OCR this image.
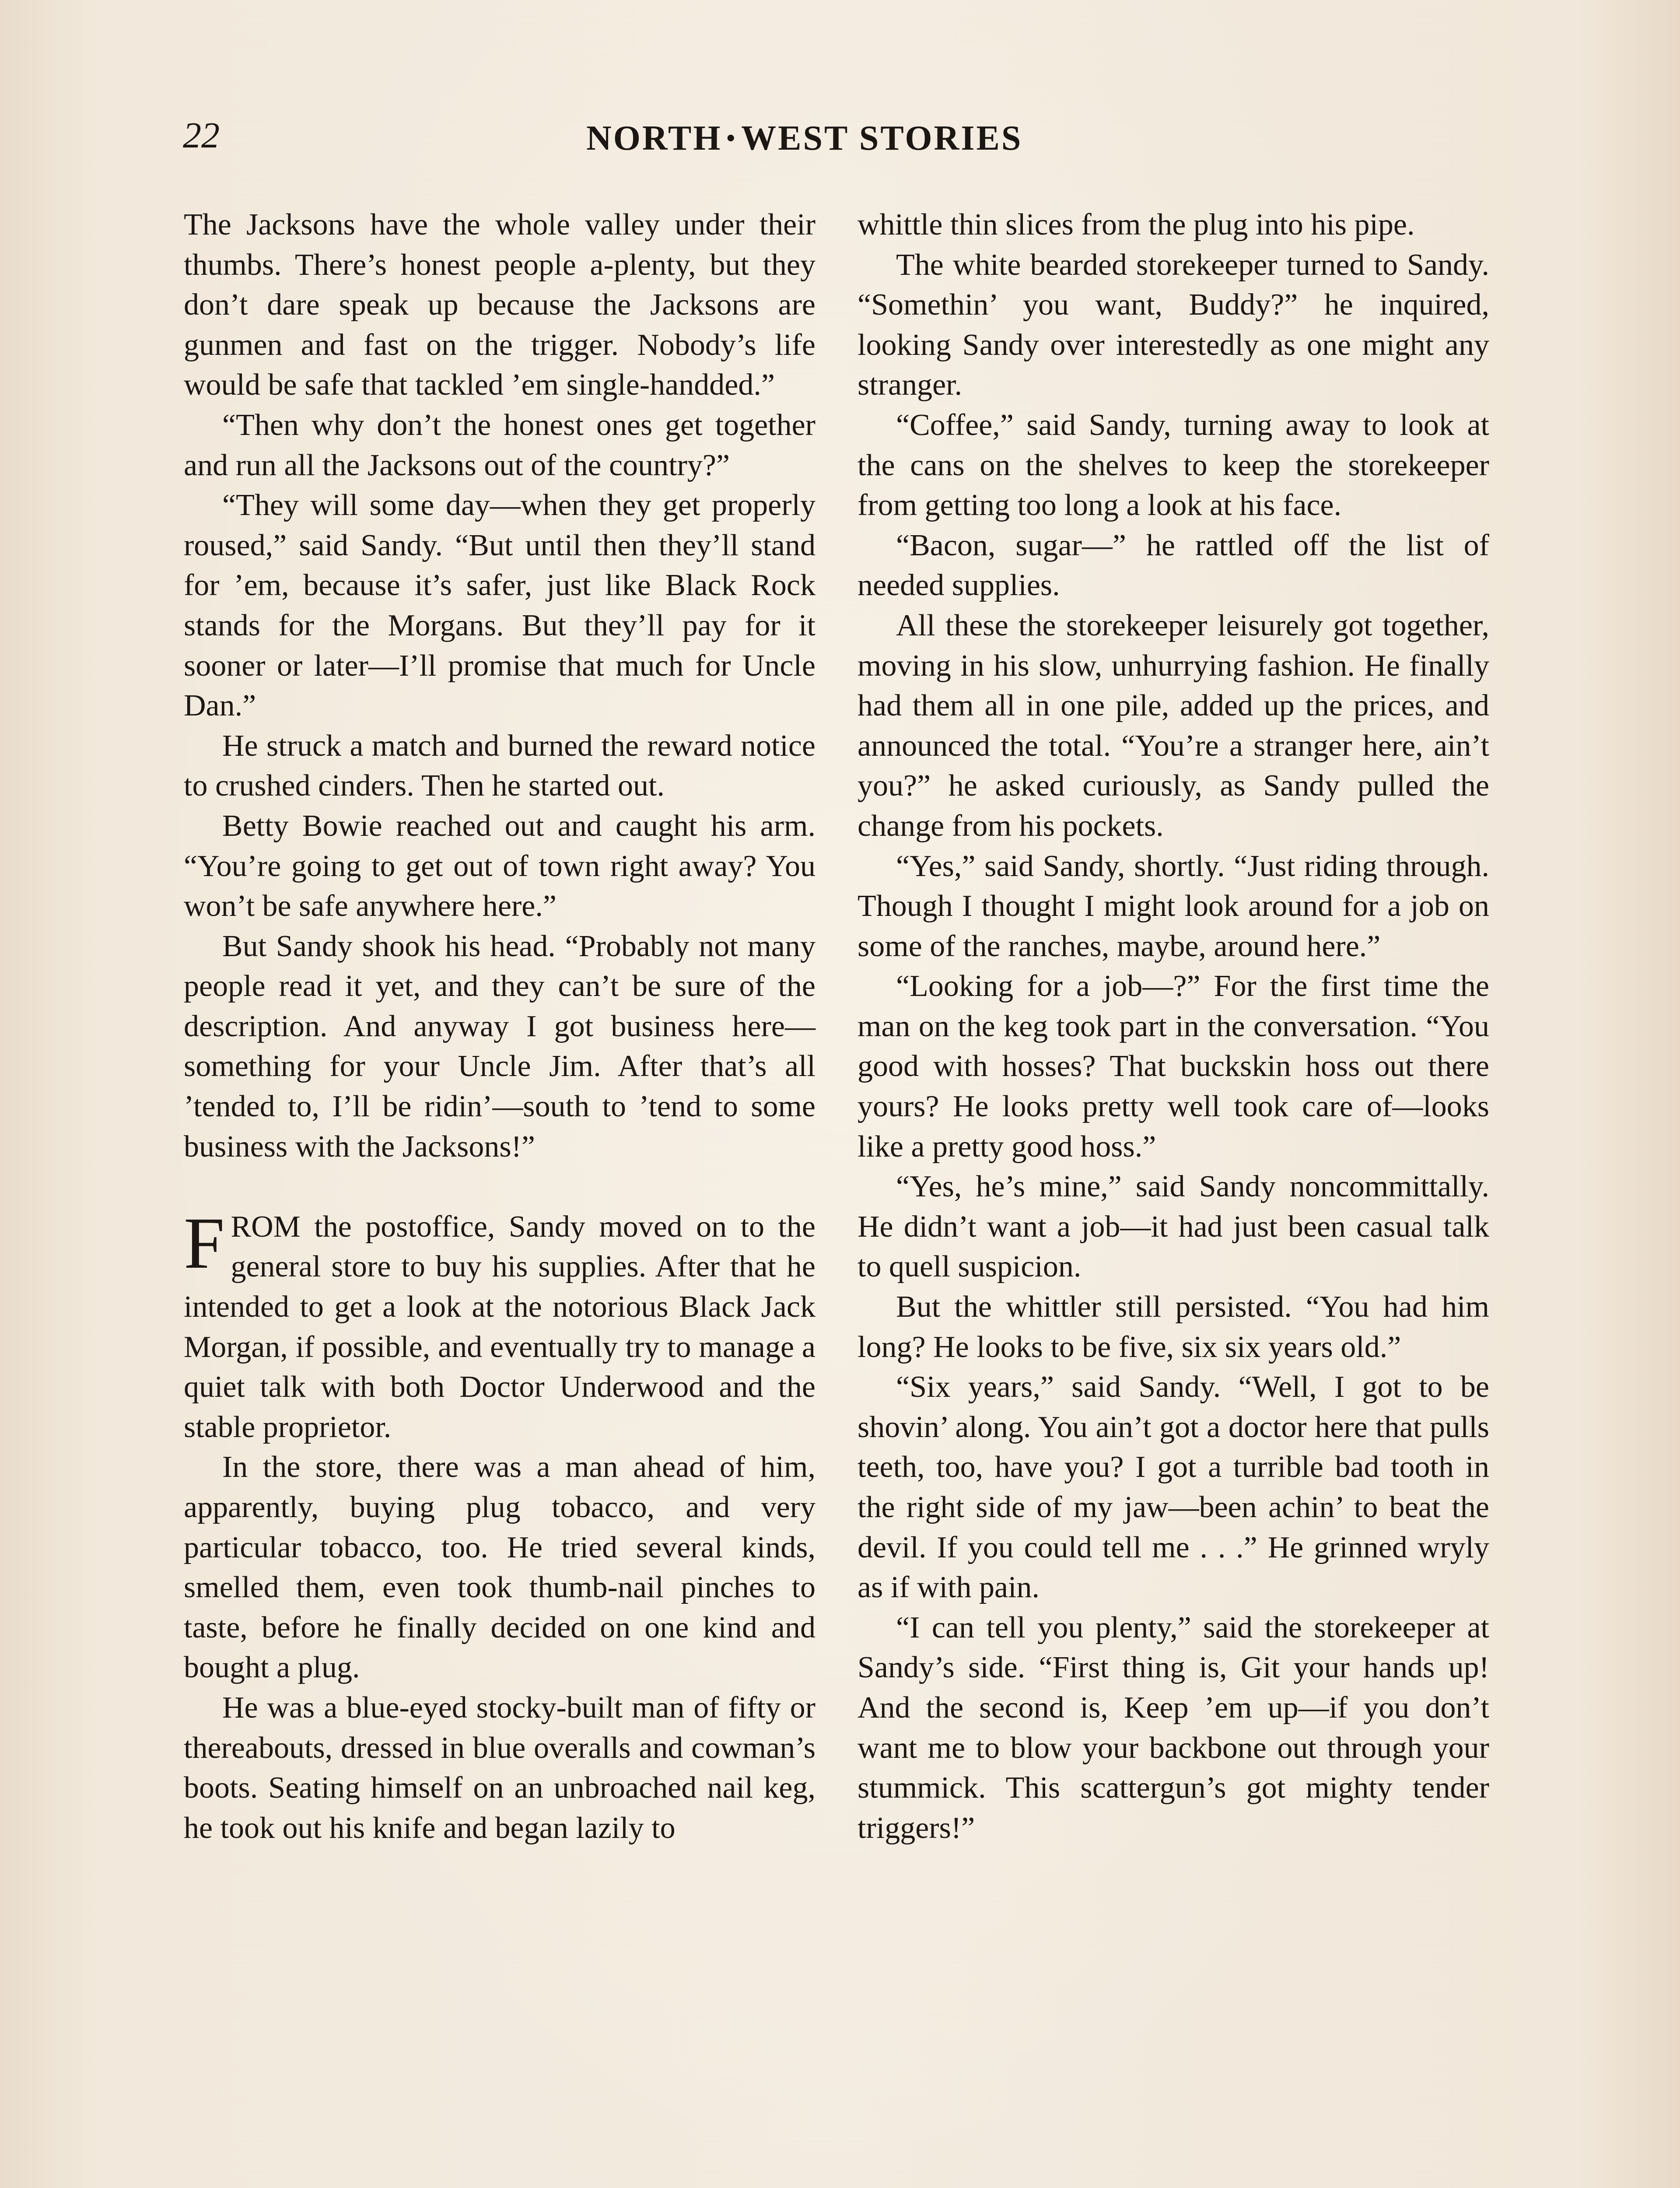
22	NORTH • WEST STORIES

The Jacksons have the whole valley under their thumbs. There’s honest people a-plenty, but they don’t dare speak up because the Jacksons are gunmen and fast on the trigger. Nobody’s life would be safe that tackled ’em single-handded.”

“Then why don’t the honest ones get together and run all the Jacksons out of the country?”

“They will some day—when they get properly roused,” said Sandy. “But until then they’ll stand for ’em, because it’s safer, just like Black Rock stands for the Morgans. But they’ll pay for it sooner or later—I’ll promise that much for Uncle Dan.”

He struck a match and burned the reward notice to crushed cinders. Then he started out.

Betty Bowie reached out and caught his arm. “You’re going to get out of town right away? You won’t be safe anywhere here.”

But Sandy shook his head. “Probably not many people read it yet, and they can’t be sure of the description. And anyway I got business here—something for your Uncle Jim. After that’s all ’tended to, I’ll be ridin’—south to ’tend to some business with the Jacksons!”

FROM the postoffice, Sandy moved on to the general store to buy his supplies. After that he intended to get a look at the notorious Black Jack Morgan, if possible, and eventually try to manage a quiet talk with both Doctor Underwood and the stable proprietor.

In the store, there was a man ahead of him, apparently, buying plug tobacco, and very particular tobacco, too. He tried several kinds, smelled them, even took thumb-nail pinches to taste, before he finally decided on one kind and bought a plug.

He was a blue-eyed stocky-built man of fifty or thereabouts, dressed in blue overalls and cowman’s boots. Seating himself on an unbroached nail keg, he took out his knife and began lazily to

whittle thin slices from the plug into his pipe.

The white bearded storekeeper turned to Sandy. “Somethin’ you want, Buddy?” he inquired, looking Sandy over interestedly as one might any stranger.

“Coffee,” said Sandy, turning away to look at the cans on the shelves to keep the storekeeper from getting too long a look at his face.

“Bacon, sugar—” he rattled off the list of needed supplies.

All these the storekeeper leisurely got together, moving in his slow, unhurrying fashion. He finally had them all in one pile, added up the prices, and announced the total. “You’re a stranger here, ain’t you?” he asked curiously, as Sandy pulled the change from his pockets.

“Yes,” said Sandy, shortly. “Just riding through. Though I thought I might look around for a job on some of the ranches, maybe, around here.”

“Looking for a job—?” For the first time the man on the keg took part in the conversation. “You good with hosses? That buckskin hoss out there yours? He looks pretty well took care of—looks like a pretty good hoss.”

“Yes, he’s mine,” said Sandy noncommittally. He didn’t want a job—it had just been casual talk to quell suspicion.

But the whittler still persisted. “You had him long? He looks to be five, six six years old.”

“Six years,” said Sandy. “Well, I got to be shovin’ along. You ain’t got a doctor here that pulls teeth, too, have you? I got a turrible bad tooth in the right side of my jaw—been achin’ to beat the devil. If you could tell me . . .” He grinned wryly as if with pain.

“I can tell you plenty,” said the storekeeper at Sandy’s side. “First thing is, Git your hands up! And the second is, Keep ’em up—if you don’t want me to blow your backbone out through your stummick. This scattergun’s got mighty tender triggers!”
